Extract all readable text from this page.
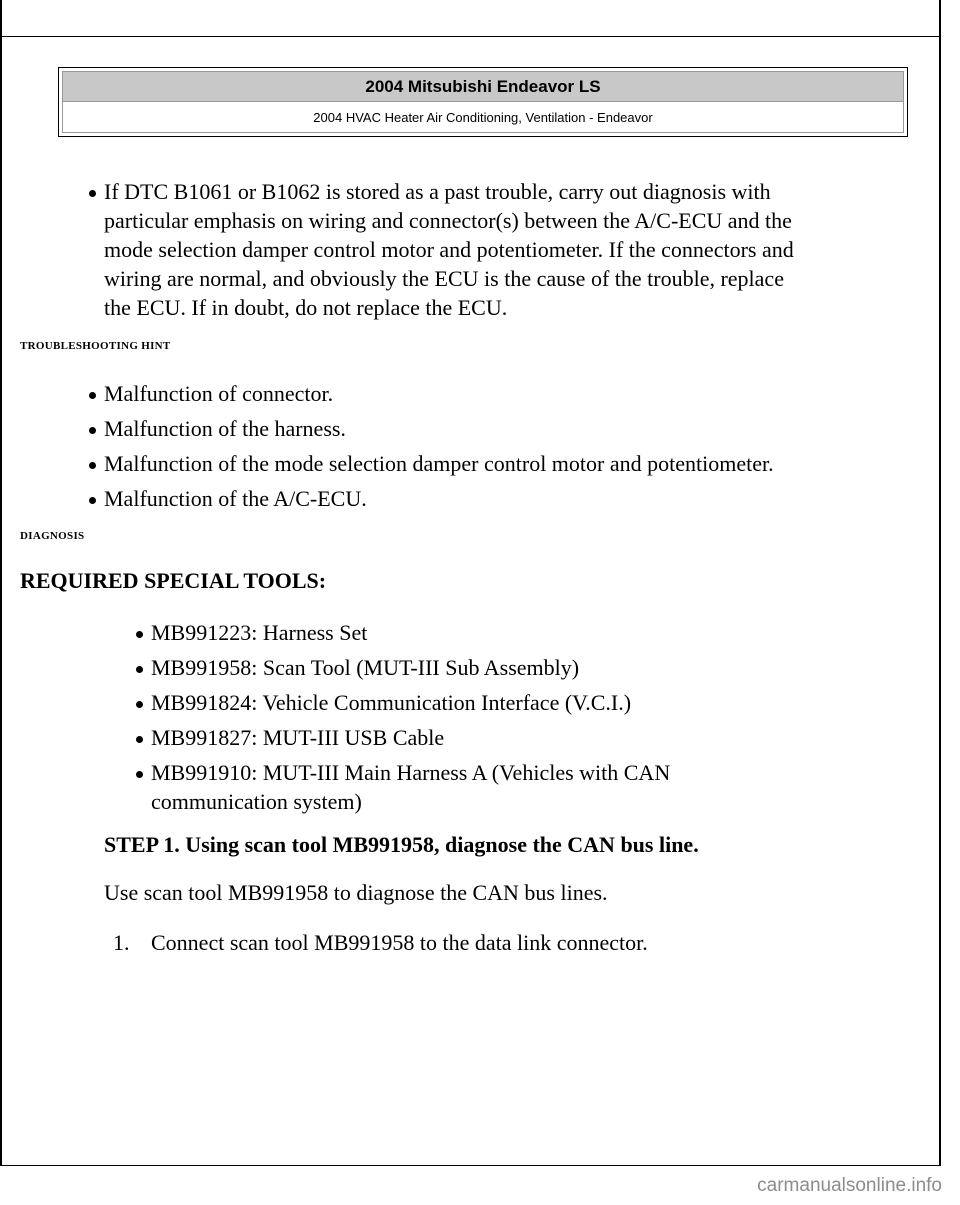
2004 Mitsubishi Endeavor LS
2004 HVAC Heater Air Conditioning, Ventilation - Endeavor
If DTC B1061 or B1062 is stored as a past trouble, carry out diagnosis with
particular emphasis on wiring and connector(s) between the A/C-ECU and the
mode selection damper control motor and potentiometer. If the connectors and
wiring are normal, and obviously the ECU is the cause of the trouble, replace
the ECU. If in doubt, do not replace the ECU.
TROUBLESHOOTING HINT
Malfunction of connector.
Malfunction of the harness.
Malfunction of the mode selection damper control motor and potentiometer.
Malfunction of the A/C-ECU.
DIAGNOSIS
REQUIRED SPECIAL TOOLS:
MB991223: Harness Set
MB991958: Scan Tool (MUT-III Sub Assembly)
MB991824: Vehicle Communication Interface (V.C.I.)
MB991827: MUT-III USB Cable
MB991910: MUT-III Main Harness A (Vehicles with CAN
communication system)
STEP 1. Using scan tool MB991958, diagnose the CAN bus line.
Use scan tool MB991958 to diagnose the CAN bus lines.
1. Connect scan tool MB991958 to the data link connector.
carmanualsonline.info
